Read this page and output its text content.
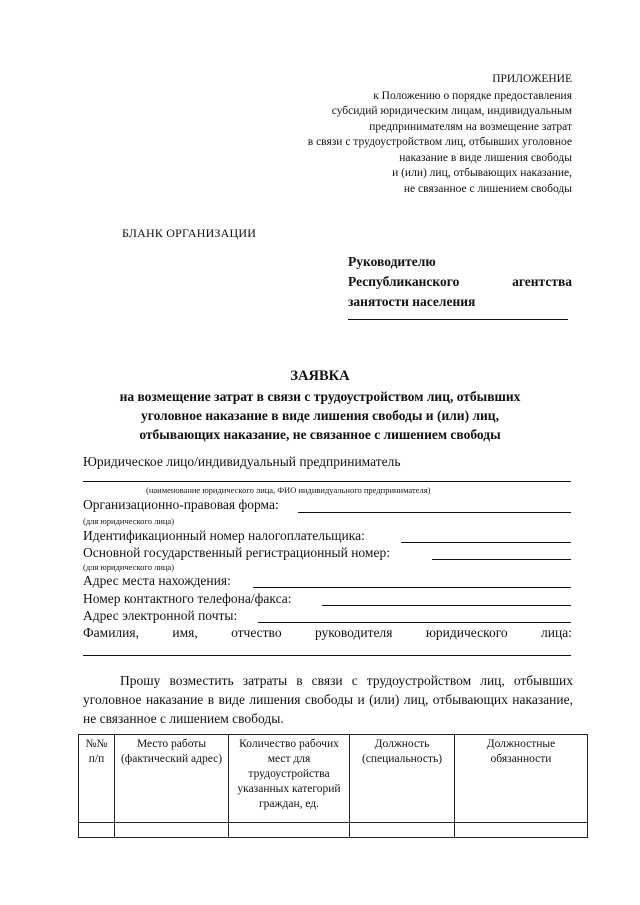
ПРИЛОЖЕНИЕ
к Положению о порядке предоставления
субсидий юридическим лицам, индивидуальным
предпринимателям на возмещение затрат
в связи с трудоустройством лиц, отбывших уголовное
наказание в виде лишения свободы
и (или) лиц, отбывающих наказание,
не связанное с лишением свободы
БЛАНК ОРГАНИЗАЦИИ
Руководителю
Республиканского	агентства
занятости населения
ЗАЯВКА
на возмещение затрат в связи с трудоустройством лиц, отбывших
уголовное наказание в виде лишения свободы и (или) лиц,
отбывающих наказание, не связанное с лишением свободы
Юридическое лицо/индивидуальный предприниматель
(наименование юридического лица, ФИО индивидуального предпринимателя)
Организационно-правовая форма:
(для юридического лица)
Идентификационный номер налогоплательщика:
Основной государственный регистрационный номер:
(для юридического лица)
Адрес места нахождения:
Номер контактного телефона/факса:
Адрес электронной почты:
Фамилия, имя, отчество руководителя юридического лица:
Прошу возместить затраты в связи с трудоустройством лиц, отбывших уголовное наказание в виде лишения свободы и (или) лиц, отбывающих наказание, не связанное с лишением свободы.
№№ п/п	Место работы (фактический адрес)	Количество рабочих мест для трудоустройства указанных категорий граждан, ед.	Должность (специальность)	Должностные обязанности
